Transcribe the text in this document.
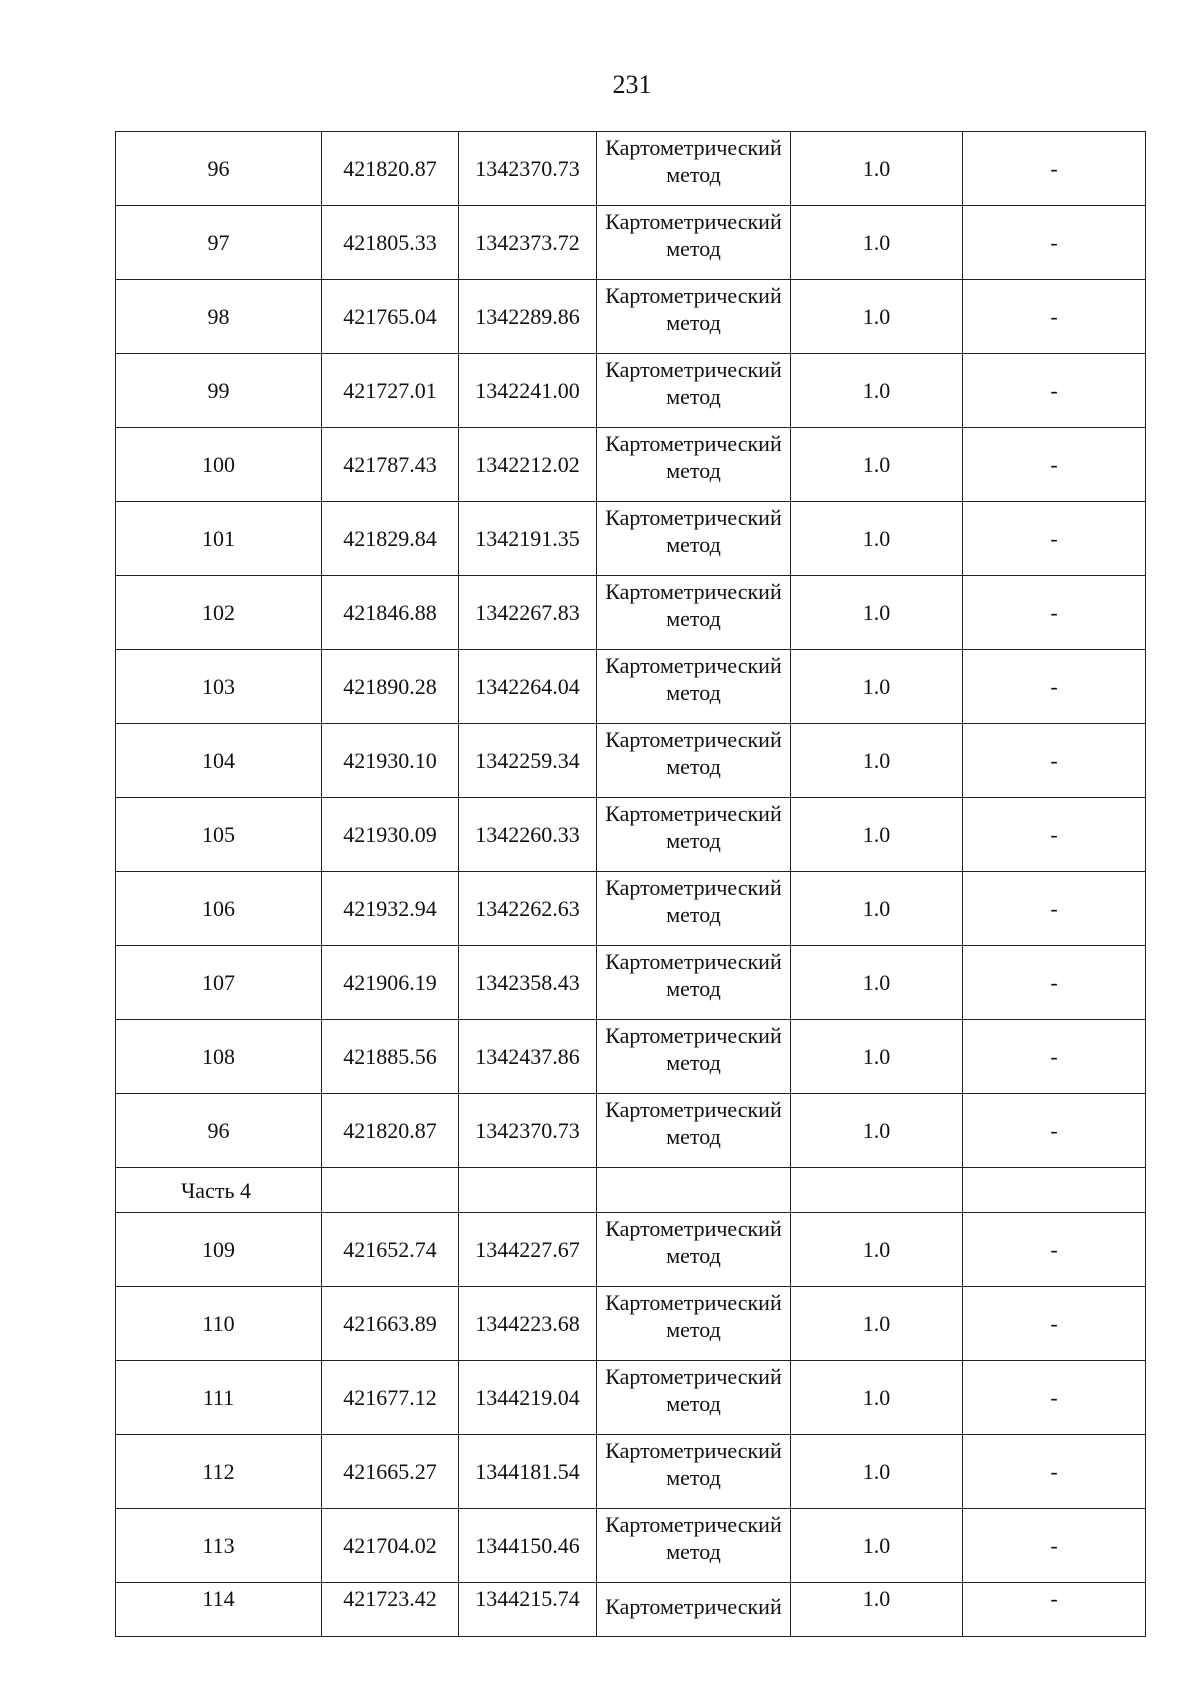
231
96	421820.87	1342370.73	Картометрический метод	1.0	-
97	421805.33	1342373.72	Картометрический метод	1.0	-
98	421765.04	1342289.86	Картометрический метод	1.0	-
99	421727.01	1342241.00	Картометрический метод	1.0	-
100	421787.43	1342212.02	Картометрический метод	1.0	-
101	421829.84	1342191.35	Картометрический метод	1.0	-
102	421846.88	1342267.83	Картометрический метод	1.0	-
103	421890.28	1342264.04	Картометрический метод	1.0	-
104	421930.10	1342259.34	Картометрический метод	1.0	-
105	421930.09	1342260.33	Картометрический метод	1.0	-
106	421932.94	1342262.63	Картометрический метод	1.0	-
107	421906.19	1342358.43	Картометрический метод	1.0	-
108	421885.56	1342437.86	Картометрический метод	1.0	-
96	421820.87	1342370.73	Картометрический метод	1.0	-
Часть 4					
109	421652.74	1344227.67	Картометрический метод	1.0	-
110	421663.89	1344223.68	Картометрический метод	1.0	-
111	421677.12	1344219.04	Картометрический метод	1.0	-
112	421665.27	1344181.54	Картометрический метод	1.0	-
113	421704.02	1344150.46	Картометрический метод	1.0	-
114	421723.42	1344215.74	Картометрический	1.0	-
